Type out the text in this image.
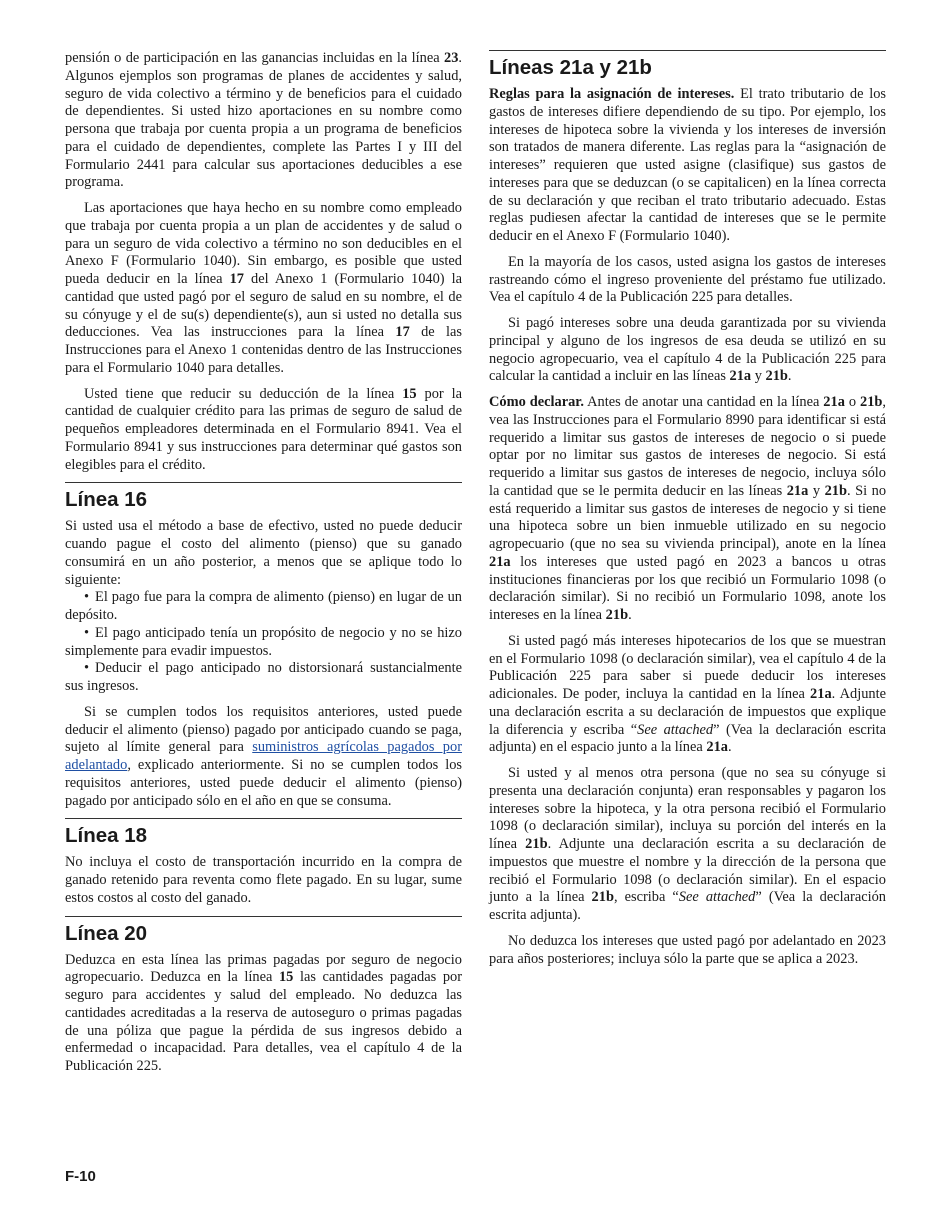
pensión o de participación en las ganancias incluidas en la línea 23. Algunos ejemplos son programas de planes de accidentes y salud, seguro de vida colectivo a término y de beneficios para el cuidado de dependientes. Si usted hizo aportaciones en su nombre como persona que trabaja por cuenta propia a un programa de beneficios para el cuidado de dependientes, complete las Partes I y III del Formulario 2441 para calcular sus aportaciones deducibles a ese programa.

Las aportaciones que haya hecho en su nombre como empleado que trabaja por cuenta propia a un plan de accidentes y de salud o para un seguro de vida colectivo a término no son deducibles en el Anexo F (Formulario 1040). Sin embargo, es posible que usted pueda deducir en la línea 17 del Anexo 1 (Formulario 1040) la cantidad que usted pagó por el seguro de salud en su nombre, el de su cónyuge y el de su(s) dependiente(s), aun si usted no detalla sus deducciones. Vea las instrucciones para la línea 17 de las Instrucciones para el Anexo 1 contenidas dentro de las Instrucciones para el Formulario 1040 para detalles.

Usted tiene que reducir su deducción de la línea 15 por la cantidad de cualquier crédito para las primas de seguro de salud de pequeños empleadores determinada en el Formulario 8941. Vea el Formulario 8941 y sus instrucciones para determinar qué gastos son elegibles para el crédito.

Línea 16

Si usted usa el método a base de efectivo, usted no puede deducir cuando pague el costo del alimento (pienso) que su ganado consumirá en un año posterior, a menos que se aplique todo lo siguiente:

• El pago fue para la compra de alimento (pienso) en lugar de un depósito.

• El pago anticipado tenía un propósito de negocio y no se hizo simplemente para evadir impuestos.

• Deducir el pago anticipado no distorsionará sustancialmente sus ingresos.

Si se cumplen todos los requisitos anteriores, usted puede deducir el alimento (pienso) pagado por anticipado cuando se paga, sujeto al límite general para suministros agrícolas pagados por adelantado, explicado anteriormente. Si no se cumplen todos los requisitos anteriores, usted puede deducir el alimento (pienso) pagado por anticipado sólo en el año en que se consuma.

Línea 18

No incluya el costo de transportación incurrido en la compra de ganado retenido para reventa como flete pagado. En su lugar, sume estos costos al costo del ganado.

Línea 20

Deduzca en esta línea las primas pagadas por seguro de negocio agropecuario. Deduzca en la línea 15 las cantidades pagadas por seguro para accidentes y salud del empleado. No deduzca las cantidades acreditadas a la reserva de autoseguro o primas pagadas de una póliza que pague la pérdida de sus ingresos debido a enfermedad o incapacidad. Para detalles, vea el capítulo 4 de la Publicación 225.

Líneas 21a y 21b

Reglas para la asignación de intereses. El trato tributario de los gastos de intereses difiere dependiendo de su tipo. Por ejemplo, los intereses de hipoteca sobre la vivienda y los intereses de inversión son tratados de manera diferente. Las reglas para la “asignación de intereses” requieren que usted asigne (clasifique) sus gastos de intereses para que se deduzcan (o se capitalicen) en la línea correcta de su declaración y que reciban el trato tributario adecuado. Estas reglas pudiesen afectar la cantidad de intereses que se le permite deducir en el Anexo F (Formulario 1040).

En la mayoría de los casos, usted asigna los gastos de intereses rastreando cómo el ingreso proveniente del préstamo fue utilizado. Vea el capítulo 4 de la Publicación 225 para detalles.

Si pagó intereses sobre una deuda garantizada por su vivienda principal y alguno de los ingresos de esa deuda se utilizó en su negocio agropecuario, vea el capítulo 4 de la Publicación 225 para calcular la cantidad a incluir en las líneas 21a y 21b.

Cómo declarar. Antes de anotar una cantidad en la línea 21a o 21b, vea las Instrucciones para el Formulario 8990 para identificar si está requerido a limitar sus gastos de intereses de negocio o si puede optar por no limitar sus gastos de intereses de negocio. Si está requerido a limitar sus gastos de intereses de negocio, incluya sólo la cantidad que se le permita deducir en las líneas 21a y 21b. Si no está requerido a limitar sus gastos de intereses de negocio y si tiene una hipoteca sobre un bien inmueble utilizado en su negocio agropecuario (que no sea su vivienda principal), anote en la línea 21a los intereses que usted pagó en 2023 a bancos u otras instituciones financieras por los que recibió un Formulario 1098 (o declaración similar). Si no recibió un Formulario 1098, anote los intereses en la línea 21b.

Si usted pagó más intereses hipotecarios de los que se muestran en el Formulario 1098 (o declaración similar), vea el capítulo 4 de la Publicación 225 para saber si puede deducir los intereses adicionales. De poder, incluya la cantidad en la línea 21a. Adjunte una declaración escrita a su declaración de impuestos que explique la diferencia y escriba “See attached” (Vea la declaración escrita adjunta) en el espacio junto a la línea 21a.

Si usted y al menos otra persona (que no sea su cónyuge si presenta una declaración conjunta) eran responsables y pagaron los intereses sobre la hipoteca, y la otra persona recibió el Formulario 1098 (o declaración similar), incluya su porción del interés en la línea 21b. Adjunte una declaración escrita a su declaración de impuestos que muestre el nombre y la dirección de la persona que recibió el Formulario 1098 (o declaración similar). En el espacio junto a la línea 21b, escriba “See attached” (Vea la declaración escrita adjunta).

No deduzca los intereses que usted pagó por adelantado en 2023 para años posteriores; incluya sólo la parte que se aplica a 2023.

F-10
